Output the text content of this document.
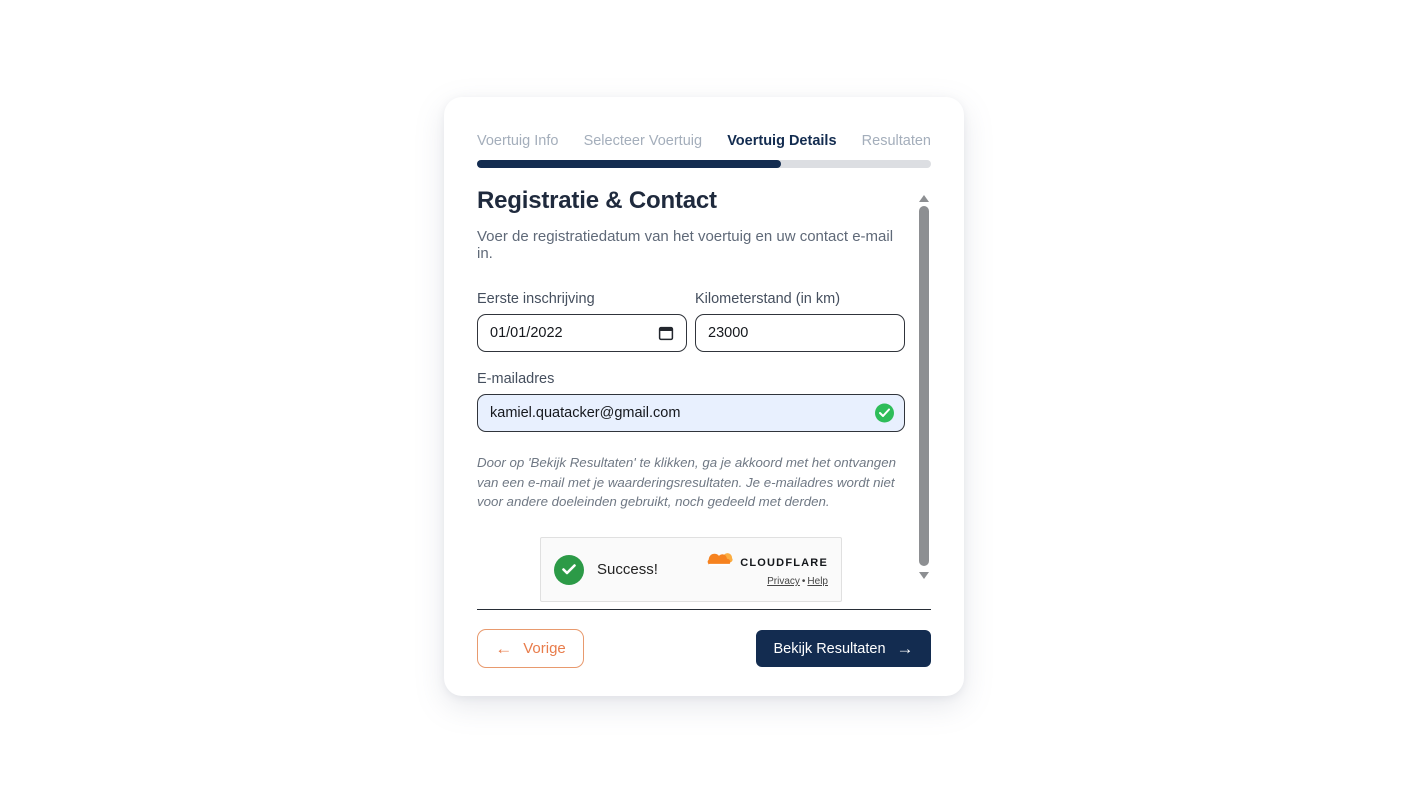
Voertuig Info Selecteer Voertuig Voertuig Details Resultaten
Registratie & Contact

Voer de registratiedatum van het voertuig en uw contact e-mail in.

Eerste inschrijving
01/01/2022
Kilometerstand (in km)
23000
E-mailadres
kamiel.quatacker@gmail.com

Door op 'Bekijk Resultaten' te klikken, ga je akkoord met het ontvangen van een e-mail met je waarderingsresultaten. Je e-mailadres wordt niet voor andere doeleinden gebruikt, noch gedeeld met derden.

Success!	CLOUDFLARE
Privacy • Help
← Vorige	Bekijk Resultaten →
